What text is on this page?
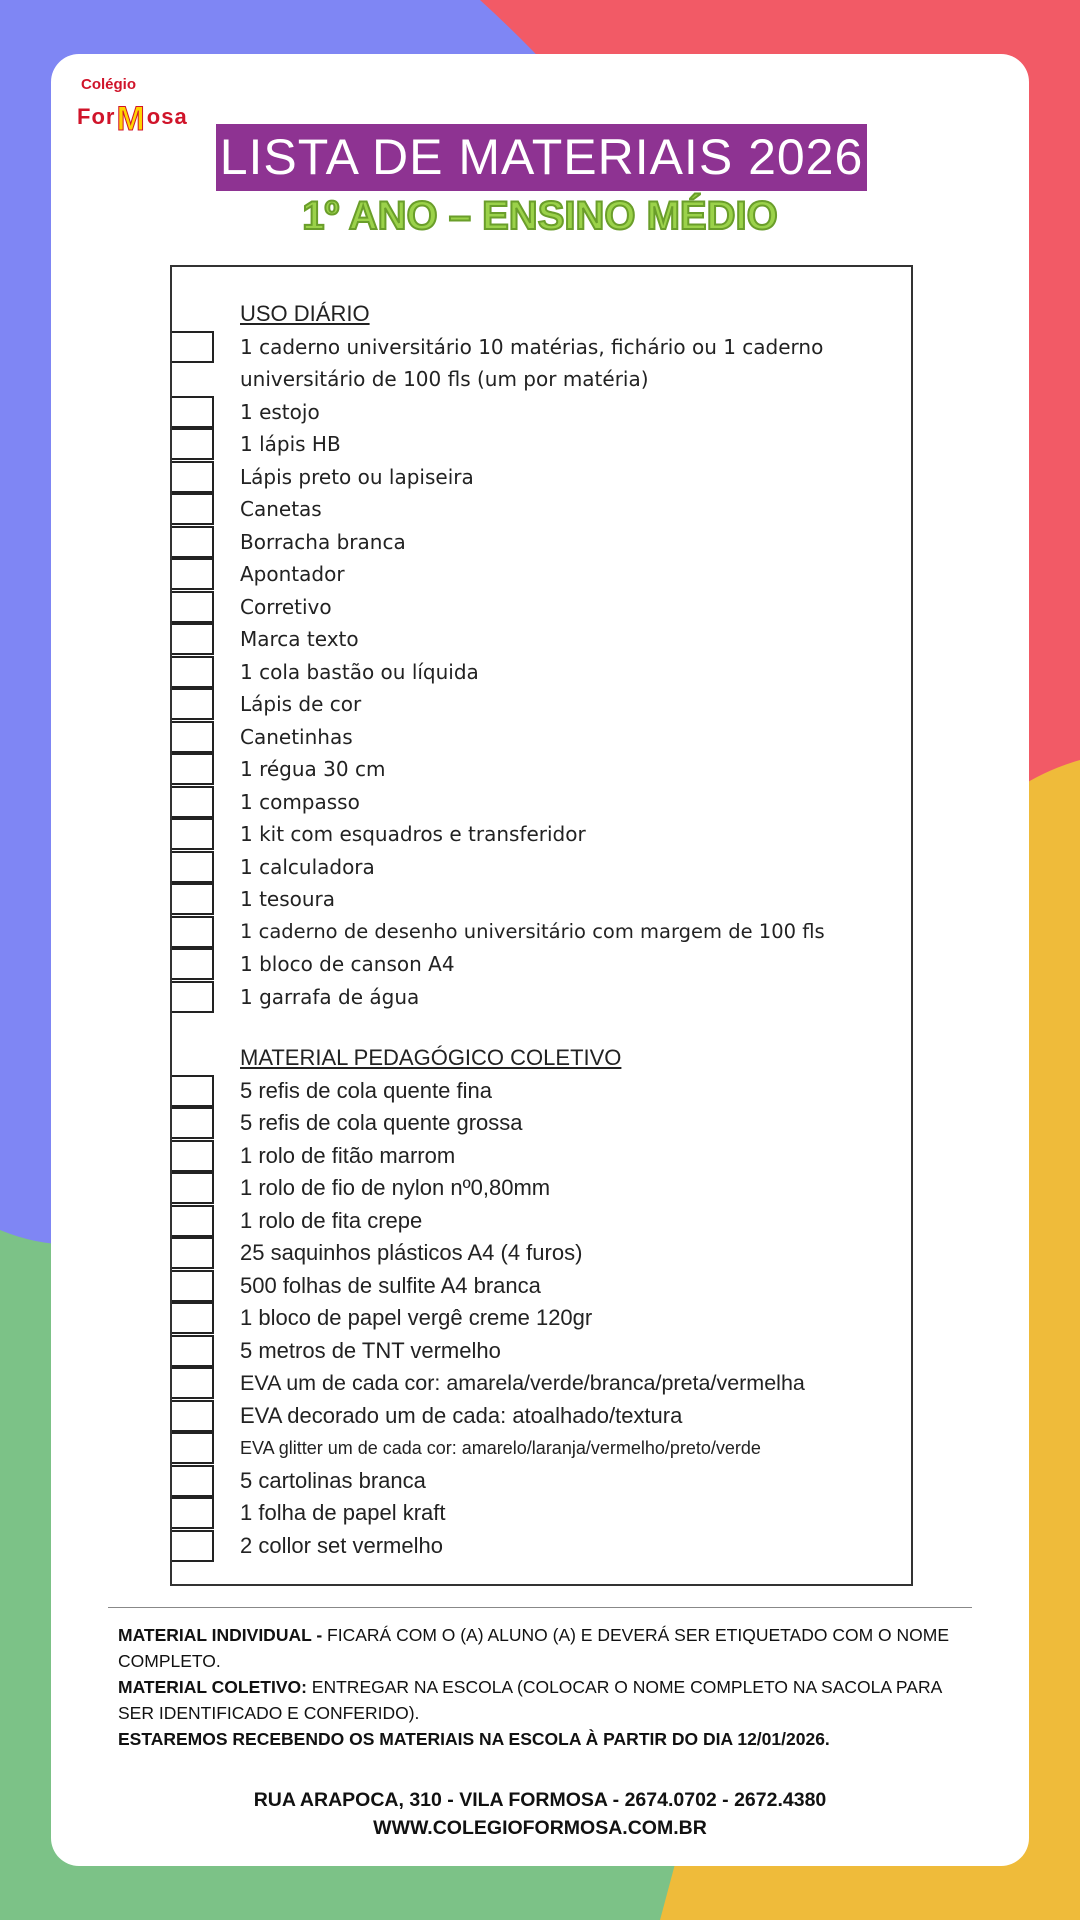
Colégio
ForMosa
LISTA DE MATERIAIS 2026
1º ANO – ENSINO MÉDIO
USO DIÁRIO
1 caderno universitário 10 matérias, fichário ou 1 caderno
universitário de 100 fls (um por matéria)
1 estojo
1 lápis HB
Lápis preto ou lapiseira
Canetas
Borracha branca
Apontador
Corretivo
Marca texto
1 cola bastão ou líquida
Lápis de cor
Canetinhas
1 régua 30 cm
1 compasso
1 kit com esquadros e transferidor
1 calculadora
1 tesoura
1 caderno de desenho universitário com margem de 100 fls
1 bloco de canson A4
1 garrafa de água
MATERIAL PEDAGÓGICO COLETIVO
5 refis de cola quente fina
5 refis de cola quente grossa
1 rolo de fitão marrom
1 rolo de fio de nylon nº0,80mm
1 rolo de fita crepe
25 saquinhos plásticos A4 (4 furos)
500 folhas de sulfite A4 branca
1 bloco de papel vergê creme 120gr
5 metros de TNT vermelho
EVA um de cada cor: amarela/verde/branca/preta/vermelha
EVA decorado um de cada: atoalhado/textura
EVA glitter um de cada cor: amarelo/laranja/vermelho/preto/verde
5 cartolinas branca
1 folha de papel kraft
2 collor set vermelho
MATERIAL INDIVIDUAL - FICARÁ COM O (A) ALUNO (A) E DEVERÁ SER ETIQUETADO COM O NOME COMPLETO.
MATERIAL COLETIVO: ENTREGAR NA ESCOLA (COLOCAR O NOME COMPLETO NA SACOLA PARA SER IDENTIFICADO E CONFERIDO).
ESTAREMOS RECEBENDO OS MATERIAIS NA ESCOLA À PARTIR DO DIA 12/01/2026.
RUA ARAPOCA, 310 - VILA FORMOSA - 2674.0702 - 2672.4380
WWW.COLEGIOFORMOSA.COM.BR
